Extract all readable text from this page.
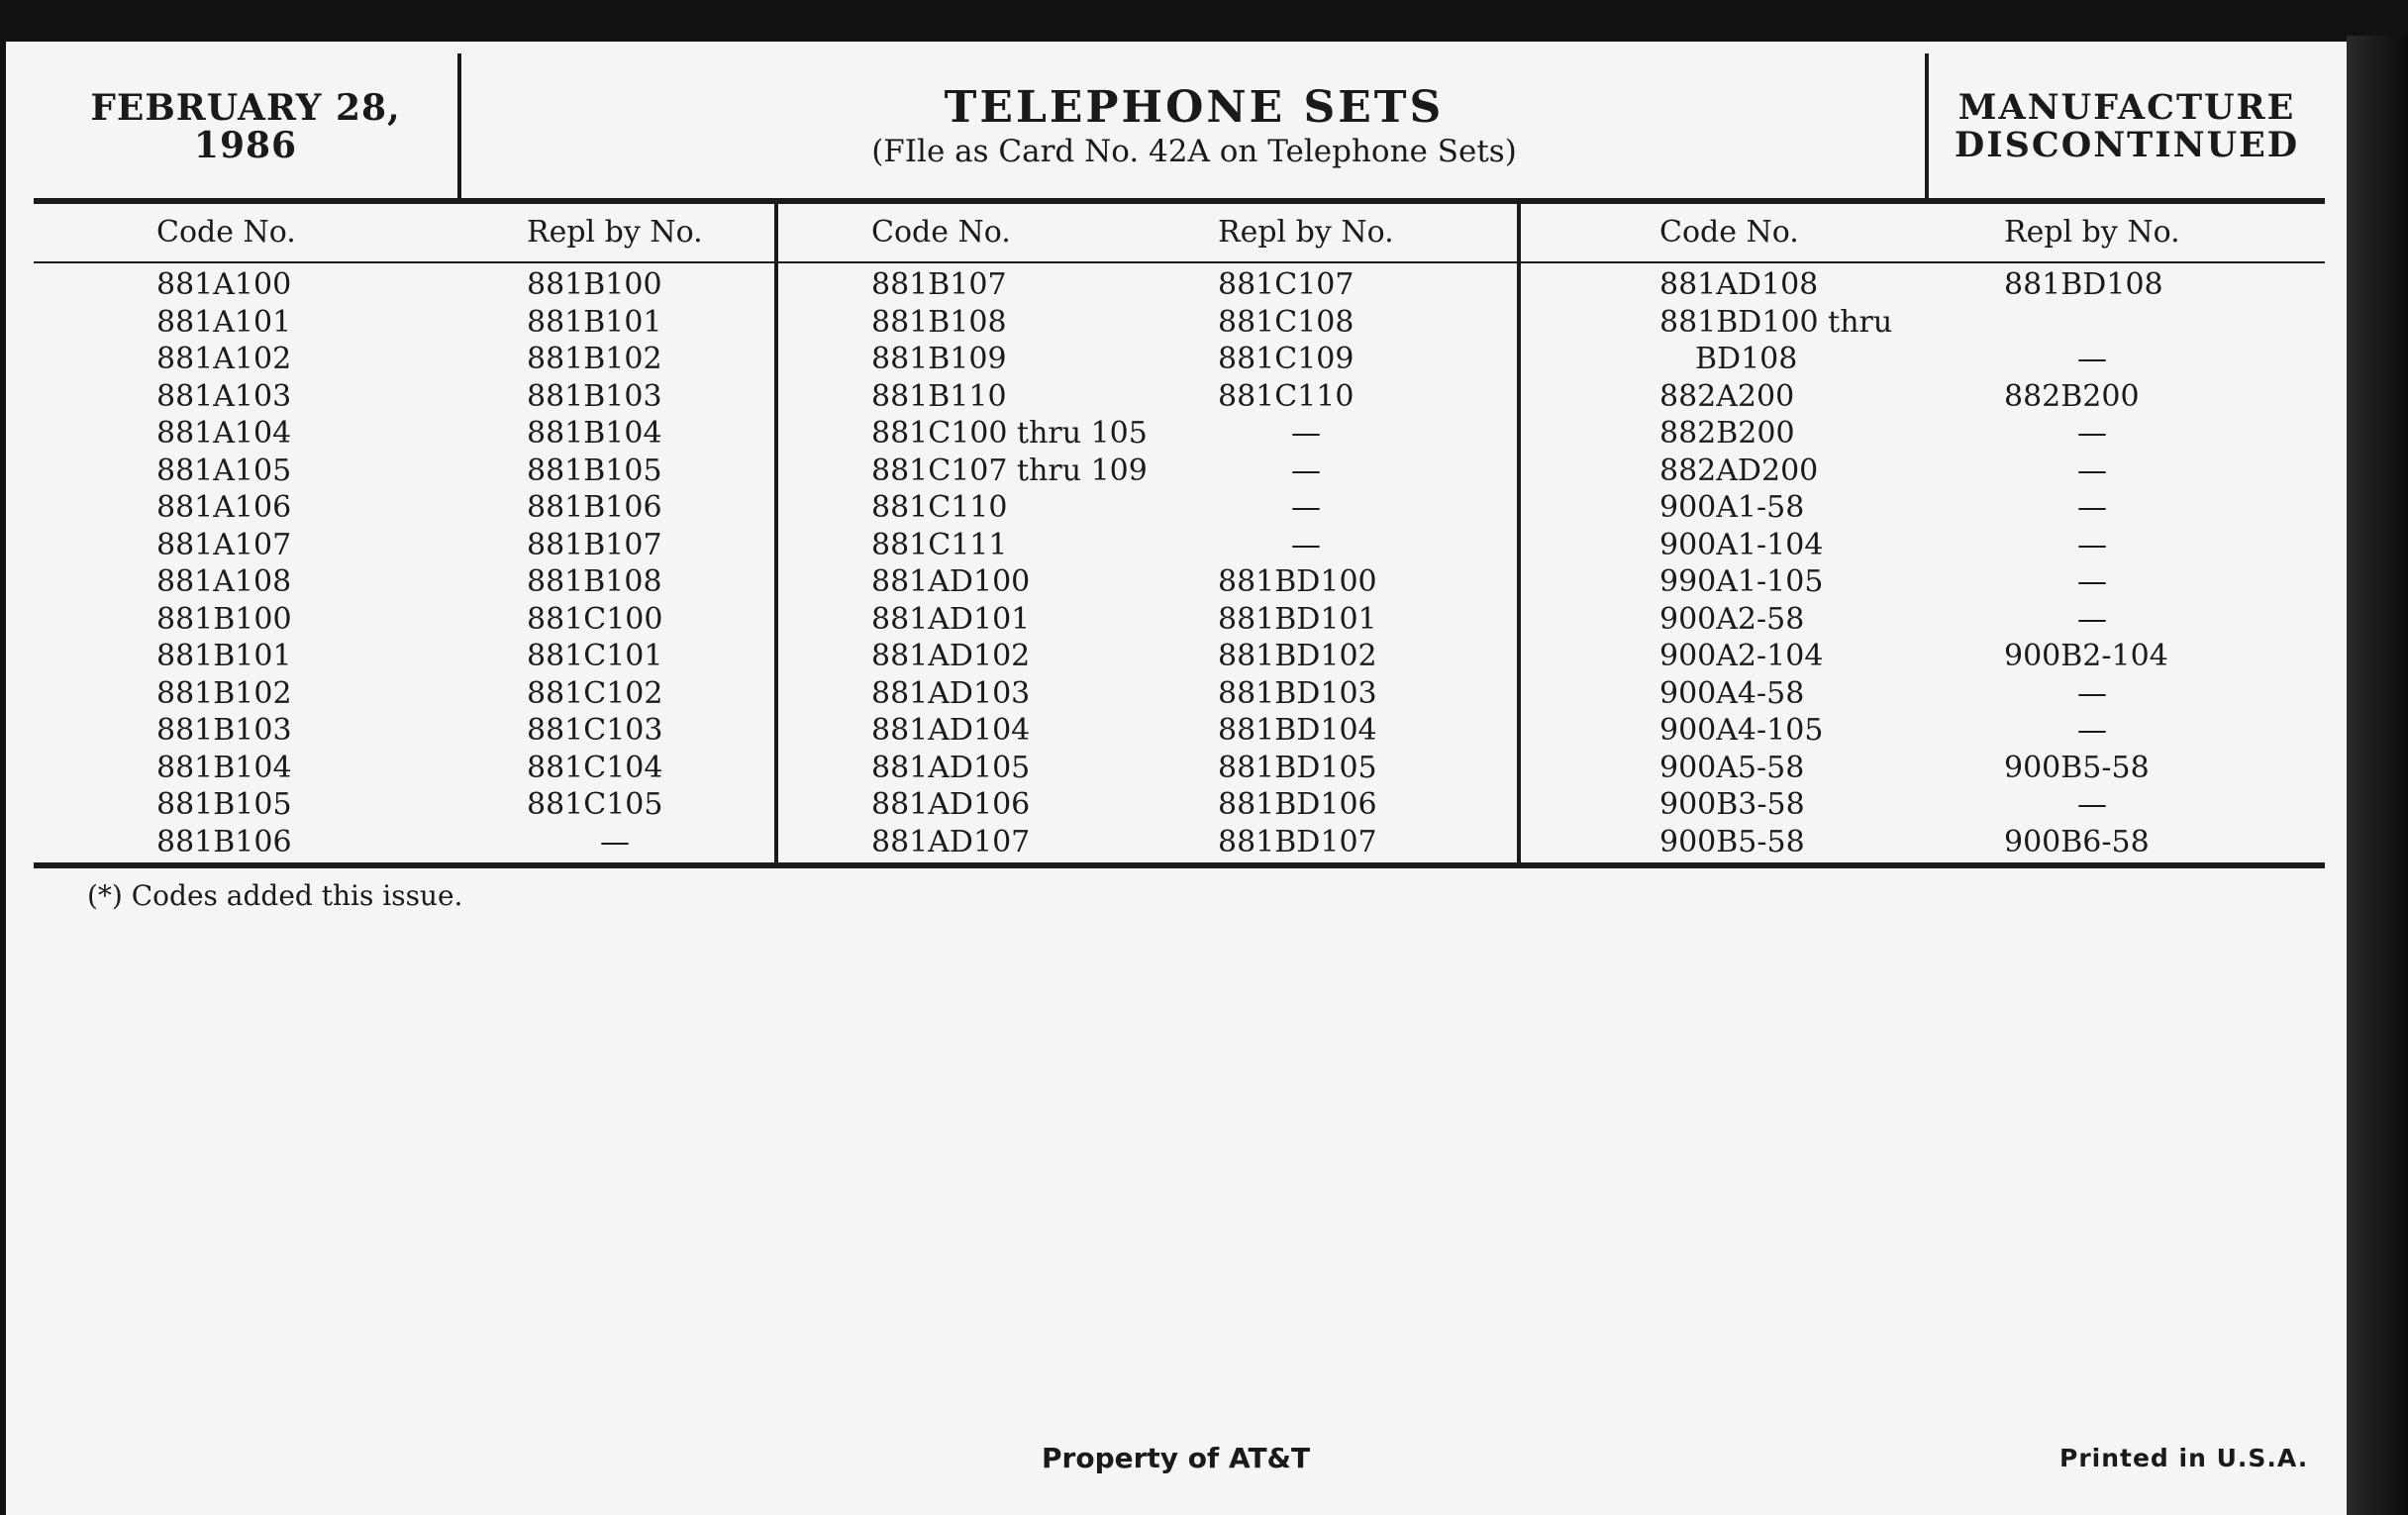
FEBRUARY 28,
1986
TELEPHONE SETS
(FIle as Card No. 42A on Telephone Sets)
MANUFACTURE
DISCONTINUED
Code No.
881A100
881A101
881A102
881A103
881A104
881A105
881A106
881A107
881A108
881B100
881B101
881B102
881B103
881B104
881B105
881B106
Repl by No.
881B100
881B101
881B102
881B103
881B104
881B105
881B106
881B107
881B108
881C100
881C101
881C102
881C103
881C104
881C105
—
Code No.
881B107
881B108
881B109
881B110
881C100 thru 105
881C107 thru 109
881C110
881C111
881AD100
881AD101
881AD102
881AD103
881AD104
881AD105
881AD106
881AD107
Repl by No.
881C107
881C108
881C109
881C110
—
—
—
—
881BD100
881BD101
881BD102
881BD103
881BD104
881BD105
881BD106
881BD107
Code No.
881AD108
881BD100 thru
BD108
882A200
882B200
882AD200
900A1-58
900A1-104
990A1-105
900A2-58
900A2-104
900A4-58
900A4-105
900A5-58
900B3-58
900B5-58
Repl by No.
881BD108
—
882B200
—
—
—
—
—
—
900B2-104
—
—
900B5-58
—
900B6-58
(*) Codes added this issue.
Property of AT&T	Printed in U.S.A.
